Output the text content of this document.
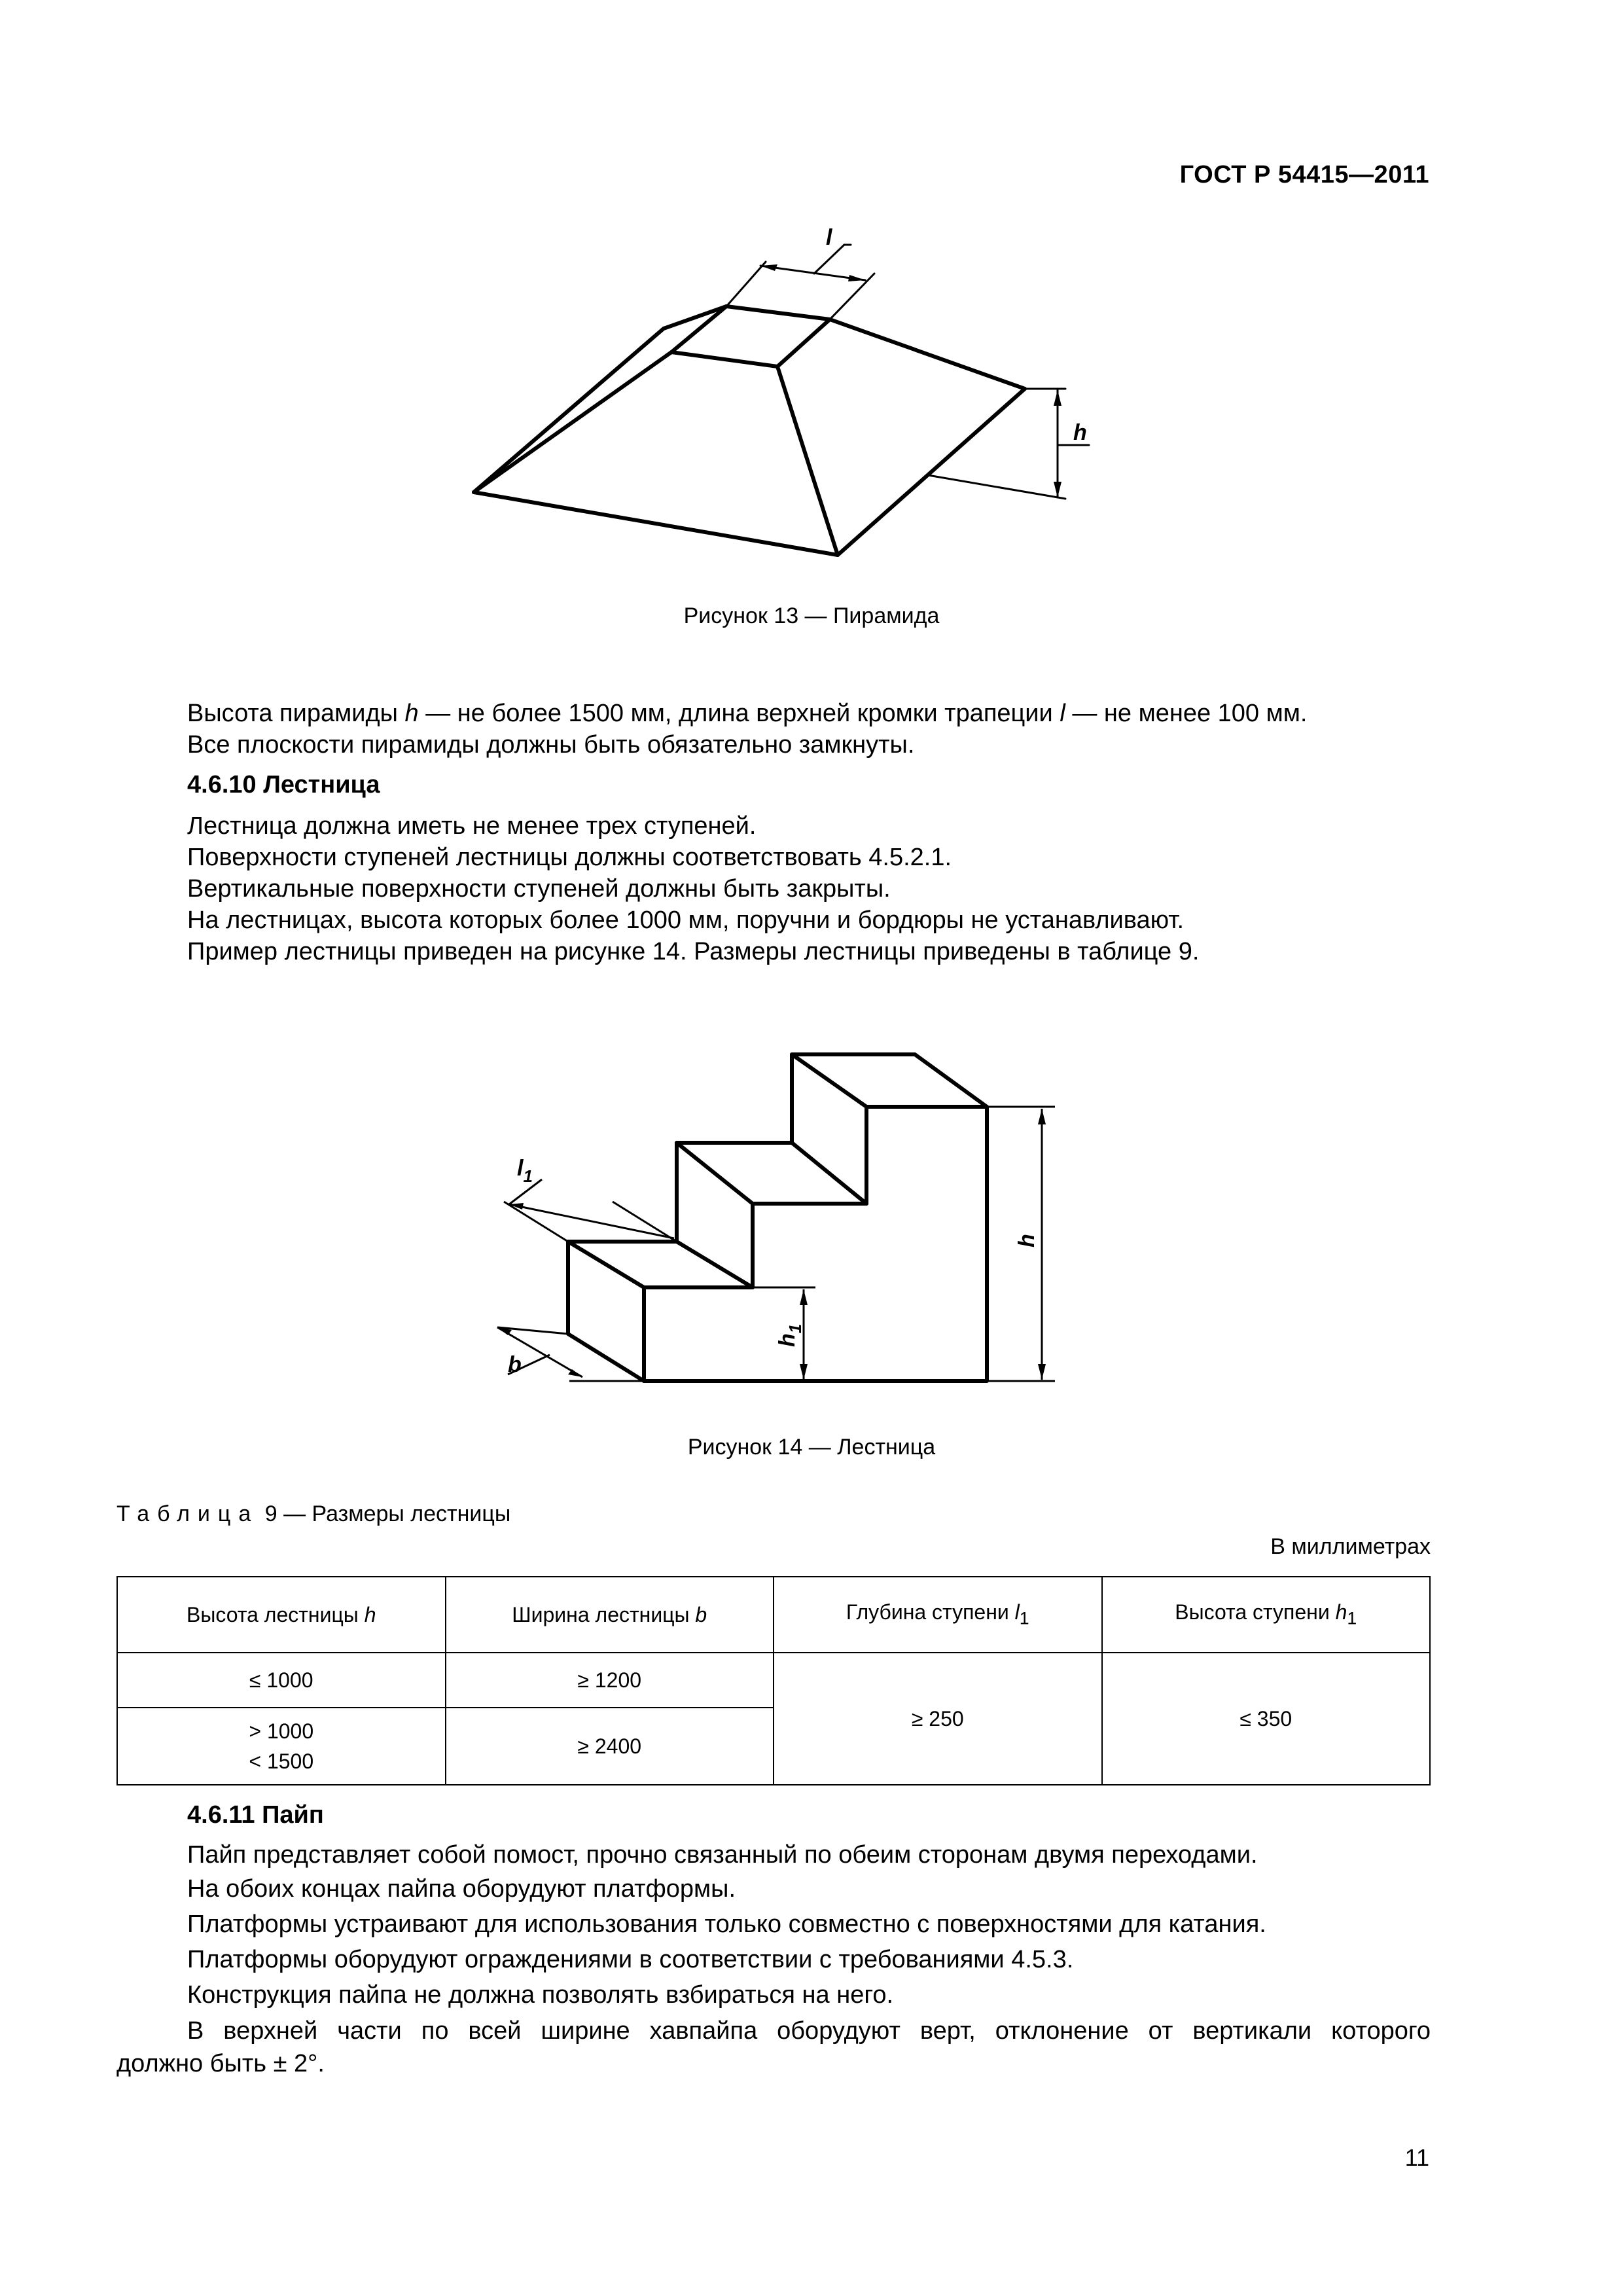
ГОСТ Р 54415—2011
l
h
Рисунок 13 — Пирамида
Высота пирамиды h — не более 1500 мм, длина верхней кромки трапеции l — не менее 100 мм.
Все плоскости пирамиды должны быть обязательно замкнуты.
4.6.10 Лестница
Лестница должна иметь не менее трех ступеней.
Поверхности ступеней лестницы должны соответствовать 4.5.2.1.
Вертикальные поверхности ступеней должны быть закрыты.
На лестницах, высота которых более 1000 мм, поручни и бордюры не устанавливают.
Пример лестницы приведен на рисунке 14. Размеры лестницы приведены в таблице 9.
$l_1$
b
$h_1$
h
Рисунок 14 — Лестница
Таблица 9 — Размеры лестницы
В миллиметрах
Высота лестницы h	Ширина лестницы b	Глубина ступени $l_1$	Высота ступени $h_1$
≤ 1000	≥ 1200	≥ 250	≤ 350

> 1000
< 1500	≥ 2400		
4.6.11 Пайп
Пайп представляет собой помост, прочно связанный по обеим сторонам двумя переходами.
На обоих концах пайпа оборудуют платформы.
Платформы устраивают для использования только совместно с поверхностями для катания.
Платформы оборудуют ограждениями в соответствии с требованиями 4.5.3.
Конструкция пайпа не должна позволять взбираться на него.
В верхней части по всей ширине хавпайпа оборудуют верт, отклонение от вертикали которого
должно быть ± 2°.
11
